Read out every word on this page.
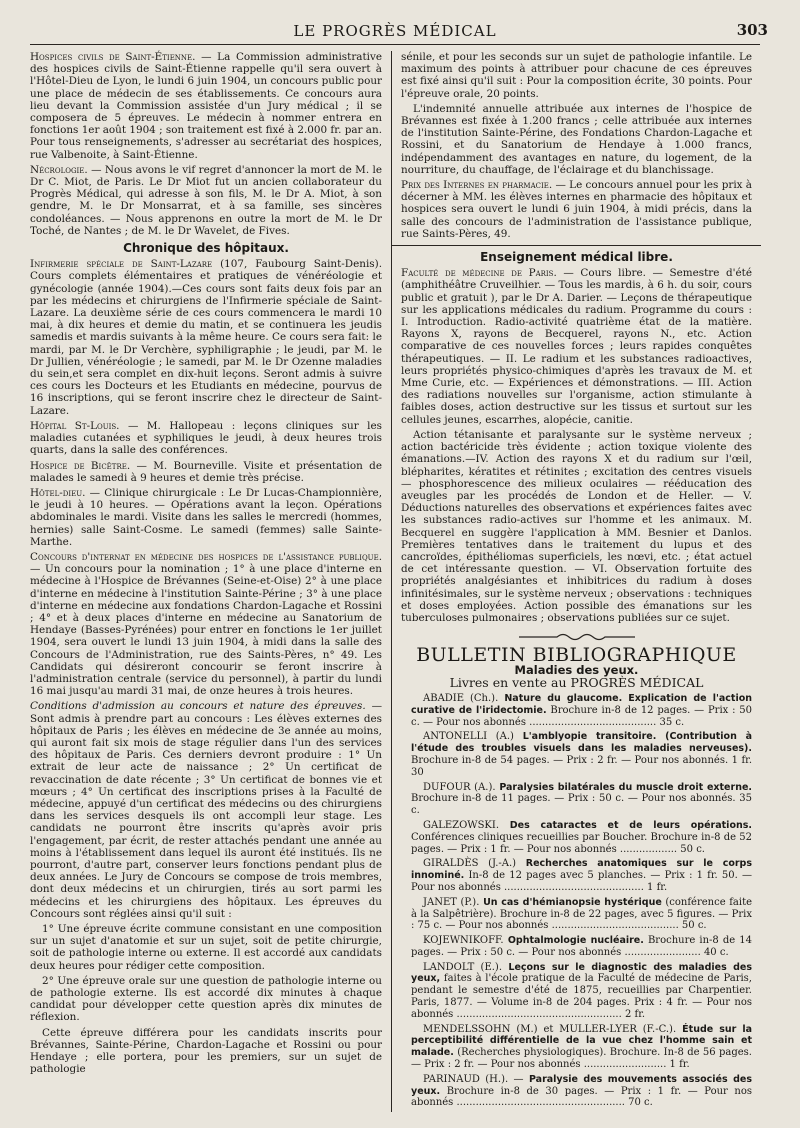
LE PROGRÈS MÉDICAL	303

Hospices civils de Saint-Étienne. — La Commission administrative des hospices civils de Saint-Étienne rappelle qu'il sera ouvert à l'Hôtel-Dieu de Lyon, le lundi 6 juin 1904, un concours public pour une place de médecin de ses établissements. Ce concours aura lieu devant la Commission assistée d'un Jury médical ; il se composera de 5 épreuves. Le médecin à nommer entrera en fonctions 1er août 1904 ; son traitement est fixé à 2.000 fr. par an. Pour tous renseignements, s'adresser au secrétariat des hospices, rue Valbenoite, à Saint-Étienne.

Nécrologie. — Nous avons le vif regret d'annoncer la mort de M. le Dr C. Miot, de Paris. Le Dr Miot fut un ancien collaborateur du Progrès Médical, qui adresse à son fils, M. le Dr A. Miot, à son gendre, M. le Dr Monsarrat, et à sa famille, ses sincères condoléances. — Nous apprenons en outre la mort de M. le Dr Toché, de Nantes ; de M. le Dr Wavelet, de Fives.

Chronique des hôpitaux.

Infirmerie spéciale de Saint-Lazare (107, Faubourg Saint-Denis). Cours complets élémentaires et pratiques de vénéréologie et gynécologie (année 1904).—Ces cours sont faits deux fois par an par les médecins et chirurgiens de l'Infirmerie spéciale de Saint-Lazare. La deuxième série de ces cours commencera le mardi 10 mai, à dix heures et demie du matin, et se continuera les jeudis samedis et mardis suivants à la même heure. Ce cours sera fait: le mardi, par M. le Dr Verchère, syphiligraphie ; le jeudi, par M. le Dr Jullien, vénéréologie ; le samedi, par M. le Dr Ozenne maladies du sein,et sera complet en dix-huit leçons. Seront admis à suivre ces cours les Docteurs et les Etudiants en médecine, pourvus de 16 inscriptions, qui se feront inscrire chez le directeur de Saint-Lazare.

Hôpital St-Louis. — M. Hallopeau : leçons cliniques sur les maladies cutanées et syphiliques le jeudi, à deux heures trois quarts, dans la salle des conférences.

Hospice de Bicêtre. — M. Bourneville. Visite et présentation de malades le samedi à 9 heures et demie très précise.

Hôtel-dieu. — Clinique chirurgicale : Le Dr Lucas-Championnière, le jeudi à 10 heures. — Opérations avant la leçon. Opérations abdominales le mardi. Visite dans les salles le mercredi (hommes, hernies) salle Saint-Cosme. Le samedi (femmes) salle Sainte-Marthe.

Concours d'internat en médecine des hospices de l'assistance publique. — Un concours pour la nomination ; 1° à une place d'interne en médecine à l'Hospice de Brévannes (Seine-et-Oise) 2° à une place d'interne en médecine à l'institution Sainte-Périne ; 3° à une place d'interne en médecine aux fondations Chardon-Lagache et Rossini ; 4° et à deux places d'interne en médecine au Sanatorium de Hendaye (Basses-Pyrénées) pour entrer en fonctions le 1er juillet 1904, sera ouvert le lundi 13 juin 1904, à midi dans la salle des Concours de l'Administration, rue des Saints-Pères, n° 49. Les Candidats qui désireront concourir se feront inscrire à l'administration centrale (service du personnel), à partir du lundi 16 mai jusqu'au mardi 31 mai, de onze heures à trois heures.

Conditions d'admission au concours et nature des épreuves. — Sont admis à prendre part au concours : Les élèves externes des hôpitaux de Paris ; les élèves en médecine de 3e année au moins, qui auront fait six mois de stage régulier dans l'un des services des hôpitaux de Paris. Ces derniers devront produire : 1° Un extrait de leur acte de naissance ; 2° Un certificat de revaccination de date récente ; 3° Un certificat de bonnes vie et mœurs ; 4° Un certificat des inscriptions prises à la Faculté de médecine, appuyé d'un certificat des médecins ou des chirurgiens dans les services desquels ils ont accompli leur stage. Les candidats ne pourront être inscrits qu'après avoir pris l'engagement, par écrit, de rester attachés pendant une année au moins à l'établissement dans lequel ils auront été institués. Ils ne pourront, d'autre part, conserver leurs fonctions pendant plus de deux années. Le Jury de Concours se compose de trois membres, dont deux médecins et un chirurgien, tirés au sort parmi les médecins et les chirurgiens des hôpitaux. Les épreuves du Concours sont réglées ainsi qu'il suit :

1° Une épreuve écrite commune consistant en une composition sur un sujet d'anatomie et sur un sujet, soit de petite chirurgie, soit de pathologie interne ou externe. Il est accordé aux candidats deux heures pour rédiger cette composition.

2° Une épreuve orale sur une question de pathologie interne ou de pathologie externe. Ils est accordé dix minutes à chaque candidat pour développer cette question après dix minutes de réflexion.

Cette épreuve différera pour les candidats inscrits pour Brévannes, Sainte-Périne, Chardon-Lagache et Rossini ou pour Hendaye ; elle portera, pour les premiers, sur un sujet de pathologie

sénile, et pour les seconds sur un sujet de pathologie infantile. Le maximum des points à attribuer pour chacune de ces épreuves est fixé ainsi qu'il suit : Pour la composition écrite, 30 points. Pour l'épreuve orale, 20 points.

L'indemnité annuelle attribuée aux internes de l'hospice de Brévannes est fixée à 1.200 francs ; celle attribuée aux internes de l'institution Sainte-Périne, des Fondations Chardon-Lagache et Rossini, et du Sanatorium de Hendaye à 1.000 francs, indépendamment des avantages en nature, du logement, de la nourriture, du chauffage, de l'éclairage et du blanchissage.

Prix des Internes en pharmacie. — Le concours annuel pour les prix à décerner à MM. les élèves internes en pharmacie des hôpitaux et hospices sera ouvert le lundi 6 juin 1904, à midi précis, dans la salle des concours de l'administration de l'assistance publique, rue Saints-Pères, 49.

Enseignement médical libre.

Faculté de médecine de Paris. — Cours libre. — Semestre d'été (amphithéâtre Cruveilhier. — Tous les mardis, à 6 h. du soir, cours public et gratuit ), par le Dr A. Darier. — Leçons de thérapeutique sur les applications médicales du radium. Programme du cours : I. Introduction. Radio-activité quatrième état de la matière. Rayons X, rayons de Becquerel, rayons N., etc. Action comparative de ces nouvelles forces ; leurs rapides conquêtes thérapeutiques. — II. Le radium et les substances radioactives, leurs propriétés physico-chimiques d'après les travaux de M. et Mme Curie, etc. — Expériences et démonstrations. — III. Action des radiations nouvelles sur l'organisme, action stimulante à faibles doses, action destructive sur les tissus et surtout sur les cellules jeunes, escarrhes, alopécie, canitie.

Action tétanisante et paralysante sur le système nerveux ; action bactéricide très évidente ; action toxique violente des émanations.—IV. Action des rayons X et du radium sur l'œil, blépharites, kératites et rétinites ; excitation des centres visuels — phosphorescence des milieux oculaires — rééducation des aveugles par les procédés de London et de Heller. — V. Déductions naturelles des observations et expériences faites avec les substances radio-actives sur l'homme et les animaux. M. Becquerel en suggère l'application à MM. Besnier et Danlos. Premières tentatives dans le traitement du lupus et des cancroïdes, épithéliomas superficiels, les nœvi, etc. ; état actuel de cet intéressante question. — VI. Observation fortuite des propriétés analgésiantes et inhibitrices du radium à doses infinitésimales, sur le système nerveux ; observations : techniques et doses employées. Action possible des émanations sur les tuberculoses pulmonaires ; observations publiées sur ce sujet.

BULLETIN BIBLIOGRAPHIQUE
Maladies des yeux.
Livres en vente au PROGRÈS MÉDICAL

ABADIE (Ch.). Nature du glaucome. Explication de l'action curative de l'iridectomie. Brochure in-8 de 12 pages. — Prix : 50 c. — Pour nos abonnés ........................................ 35 c.

ANTONELLI (A.) L'amblyopie transitoire. (Contribution à l'étude des troubles visuels dans les maladies nerveuses). Brochure in-8 de 54 pages. — Prix : 2 fr. — Pour nos abonnés. 1 fr. 30

DUFOUR (A.). Paralysies bilatérales du muscle droit externe. Brochure in-8 de 11 pages. — Prix : 50 c. — Pour nos abonnés. 35 c.

GALEZOWSKI. Des cataractes et de leurs opérations. Conférences cliniques recueillies par Boucher. Brochure in-8 de 52 pages. — Prix : 1 fr. — Pour nos abonnés .................. 50 c.

GIRALDÈS (J.-A.) Recherches anatomiques sur le corps innominé. In-8 de 12 pages avec 5 planches. — Prix : 1 fr. 50. — Pour nos abonnés ............................................ 1 fr.

JANET (P.). Un cas d'hémianopsie hystérique (conférence faite à la Salpêtrière). Brochure in-8 de 22 pages, avec 5 figures. — Prix : 75 c. — Pour nos abonnés ........................................ 50 c.

KOJEWNIKOFF. Ophtalmologie nucléaire. Brochure in-8 de 14 pages. — Prix : 50 c. — Pour nos abonnés ........................ 40 c.

LANDOLT (E.). Leçons sur le diagnostic des maladies des yeux, faites à l'école pratique de la Faculté de médecine de Paris, pendant le semestre d'été de 1875, recueillies par Charpentier. Paris, 1877. — Volume in-8 de 204 pages. Prix : 4 fr. — Pour nos abonnés .................................................... 2 fr.

MENDELSSOHN (M.) et MULLER-LYER (F.-C.). Étude sur la perceptibilité différentielle de la vue chez l'homme sain et malade. (Recherches physiologiques). Brochure. In-8 de 56 pages. — Prix : 2 fr. — Pour nos abonnés .......................... 1 fr.

PARINAUD (H.). — Paralysie des mouvements associés des yeux. Brochure in-8 de 30 pages. — Prix : 1 fr. — Pour nos abonnés ..................................................... 70 c.
